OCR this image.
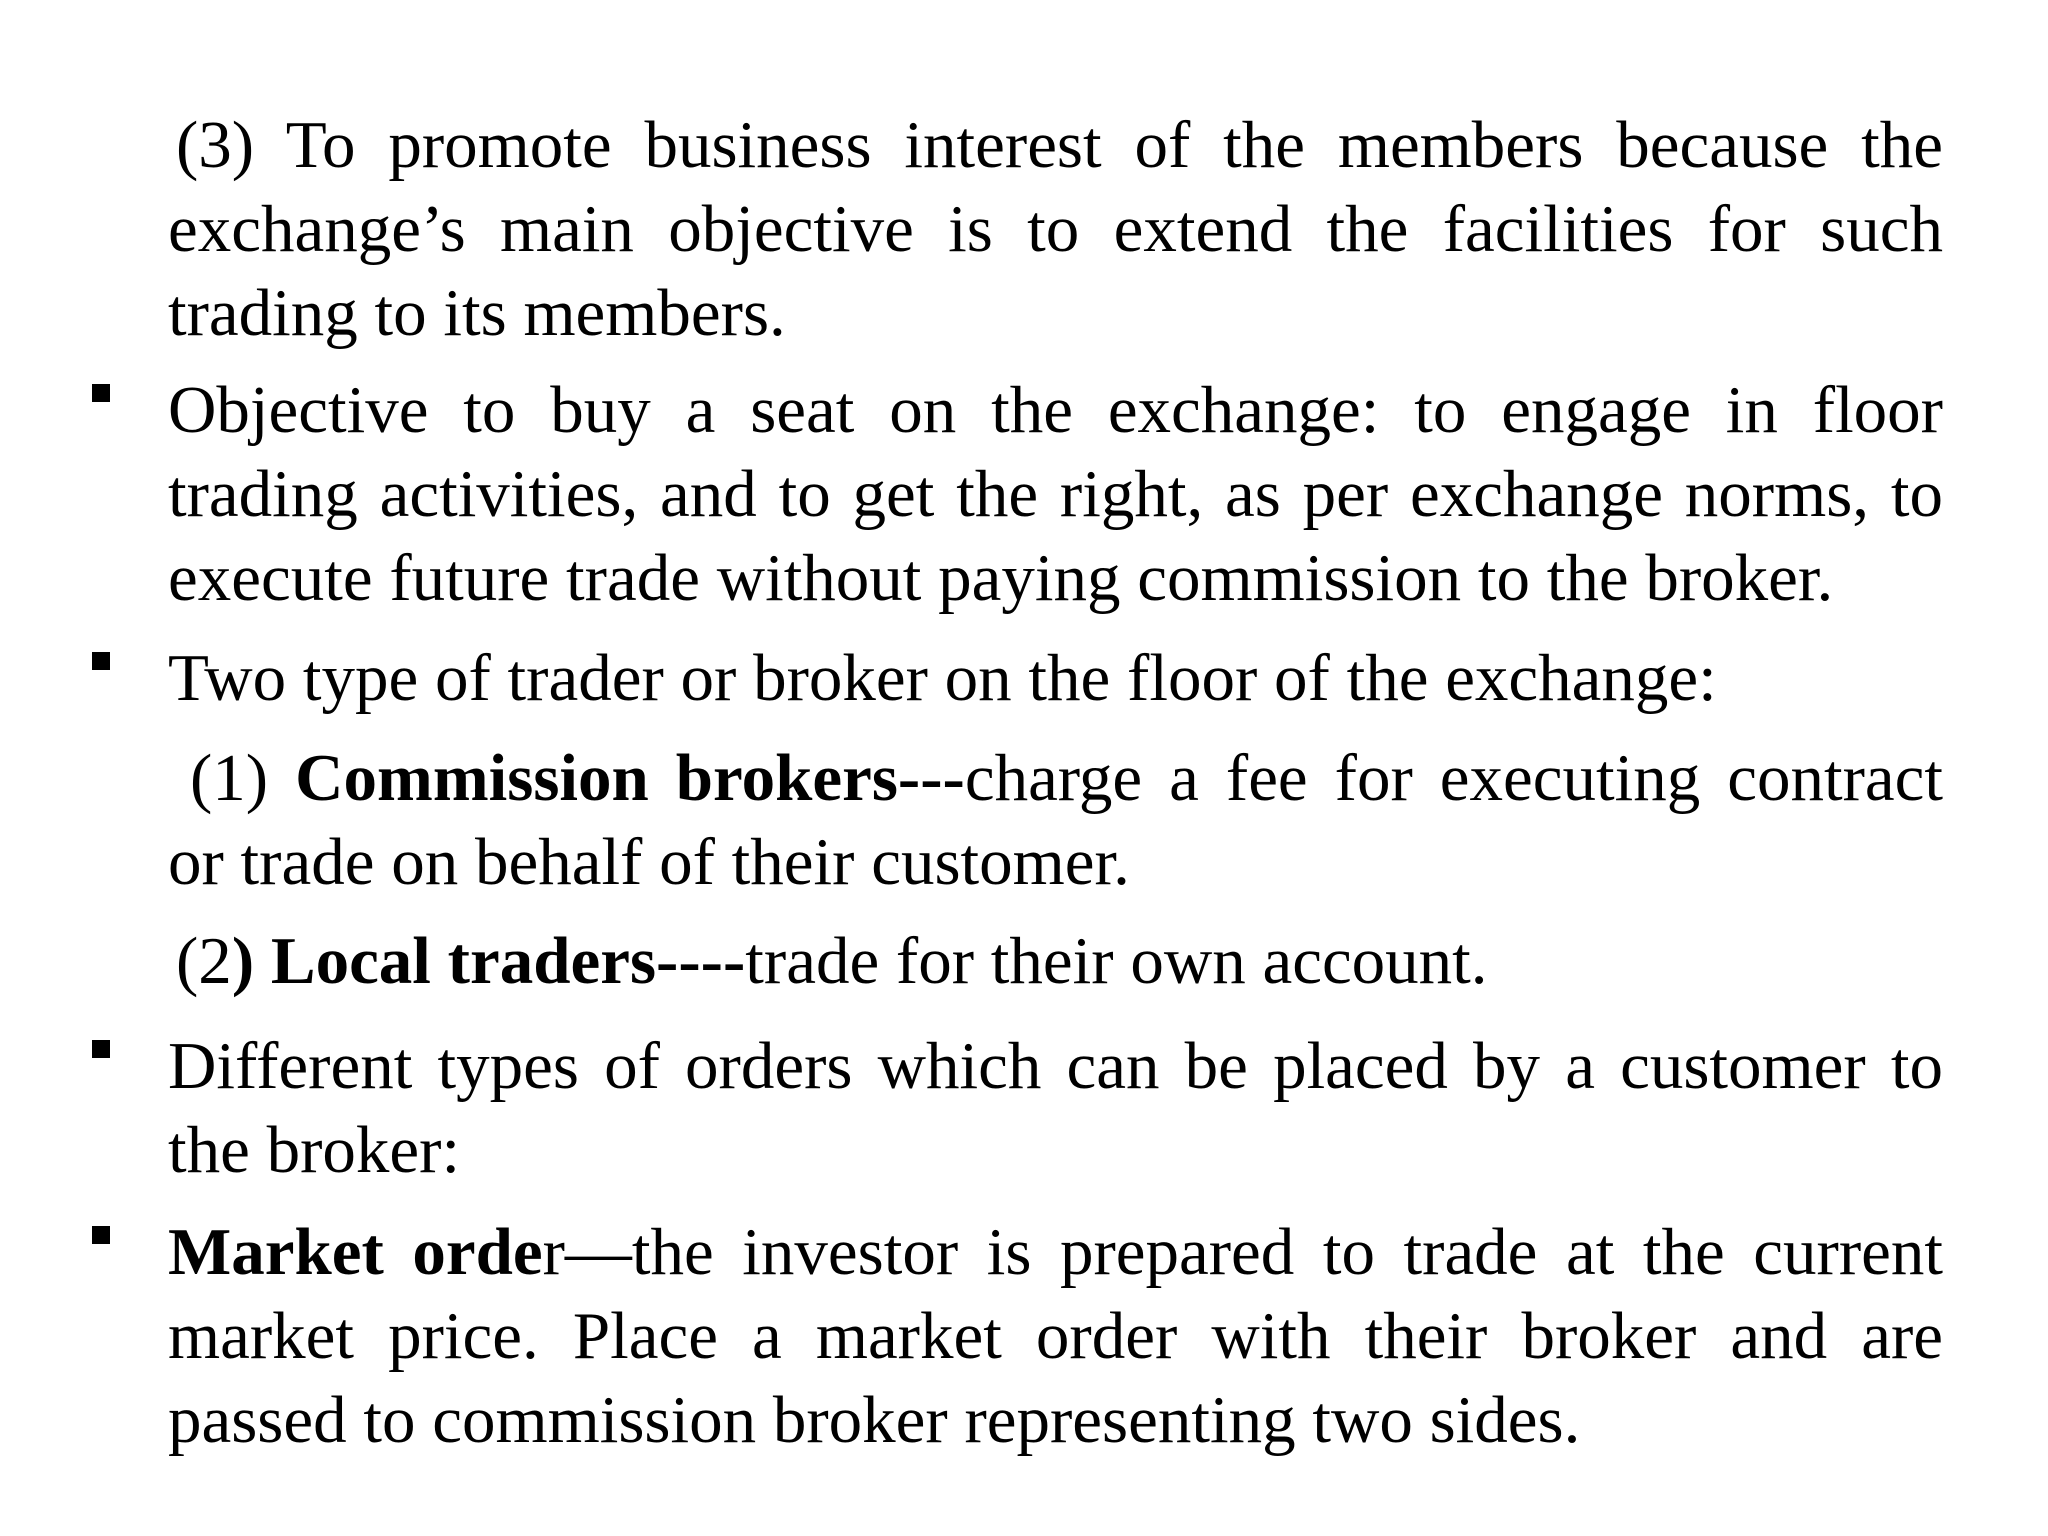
(3) To promote business interest of the members because the exchange’s main objective is to extend the facilities for such trading to its members.

Objective to buy a seat on the exchange: to engage in floor trading activities, and to get the right, as per exchange norms, to execute future trade without paying commission to the broker.

Two type of trader or broker on the floor of the exchange:

(1) Commission brokers---charge a fee for executing contract or trade on behalf of their customer.

(2) Local traders----trade for their own account.

Different types of orders which can be placed by a customer to the broker:

Market order—the investor is prepared to trade at the current market price. Place a market order with their broker and are passed to commission broker representing two sides.
